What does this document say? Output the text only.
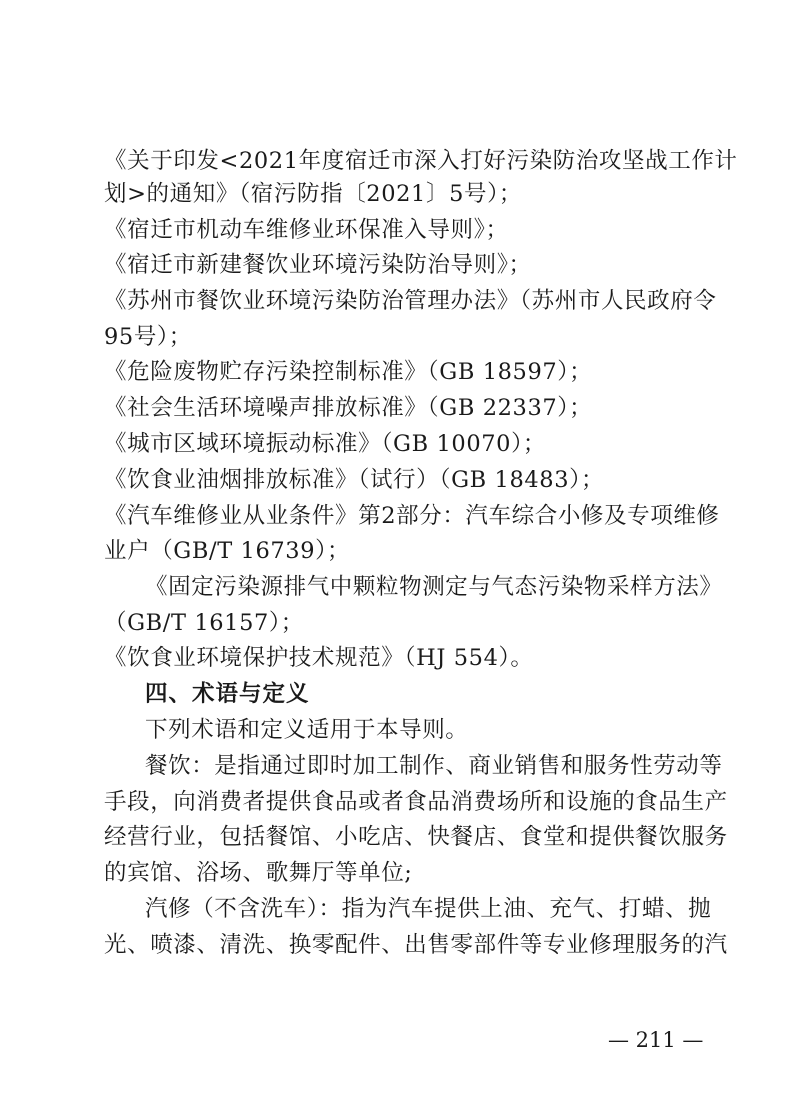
《关于印发<2021年度宿迁市深入打好污染防治攻坚战工作计
划>的通知》（宿污防指〔2021〕5号）；
《宿迁市机动车维修业环保准入导则》；
《宿迁市新建餐饮业环境污染防治导则》；
《苏州市餐饮业环境污染防治管理办法》（苏州市人民政府令
95号）；
《危险废物贮存污染控制标准》（GB 18597）；
《社会生活环境噪声排放标准》（GB 22337）；
《城市区域环境振动标准》（GB 10070）；
《饮食业油烟排放标准》（试行）（GB 18483）；
《汽车维修业从业条件》第2部分：汽车综合小修及专项维修
业户（GB/T 16739）；
《固定污染源排气中颗粒物测定与气态污染物采样方法》
（GB/T 16157）；
《饮食业环境保护技术规范》（HJ 554）。
四、术语与定义
下列术语和定义适用于本导则。
餐饮：是指通过即时加工制作、商业销售和服务性劳动等
手段，向消费者提供食品或者食品消费场所和设施的食品生产
经营行业，包括餐馆、小吃店、快餐店、食堂和提供餐饮服务
的宾馆、浴场、歌舞厅等单位;
汽修（不含洗车）：指为汽车提供上油、充气、打蜡、抛
光、喷漆、清洗、换零配件、出售零部件等专业修理服务的汽
— 211 —
